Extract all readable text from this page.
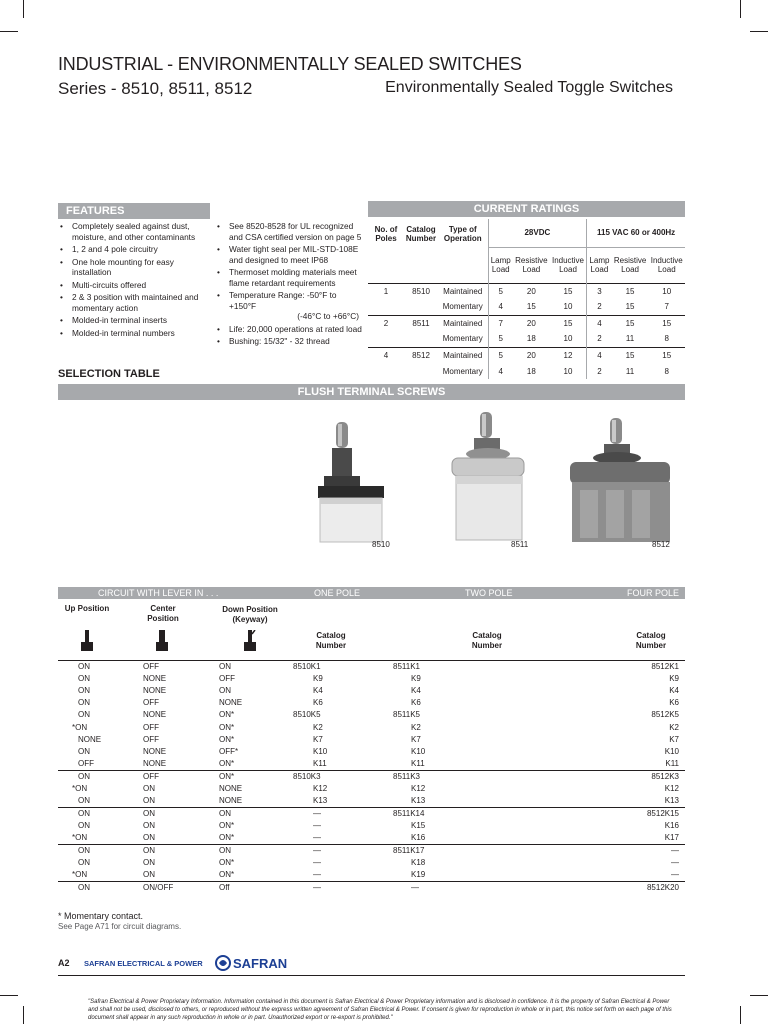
INDUSTRIAL - ENVIRONMENTALLY SEALED SWITCHES
Series - 8510, 8511, 8512	Environmentally Sealed Toggle Switches
FEATURES
• Completely sealed against dust, moisture, and other contaminants
• 1, 2 and 4 pole circuitry
• One hole mounting for easy installation
• Multi-circuits offered
• 2 & 3 position with maintained and momentary action
• Molded-in terminal inserts
• Molded-in terminal numbers
• See 8520-8528 for UL recognized and CSA certified version on page 5
• Water tight seal per MIL-STD-108E and designed to meet IP68
• Thermoset molding materials meet flame retardant requirements
• Temperature Range: -50°F to +150°F
(-46°C to +66°C)
• Life: 20,000 operations at rated load
• Bushing: 15/32" - 32 thread
CURRENT RATINGS
No. of Poles	Catalog Number	Type of Operation	28VDC			115 VAC 60 or 400Hz		
			Lamp Load	Resistive Load	Inductive Load	Lamp Load	Resistive Load	Inductive Load
1	8510	Maintained	5	20	15	3	15	10
		Momentary	4	15	10	2	15	7
2	8511	Maintained	7	20	15	4	15	15
		Momentary	5	18	10	2	11	8
4	8512	Maintained	5	20	12	4	15	15
		Momentary	4	18	10	2	11	8
SELECTION TABLE
FLUSH TERMINAL SCREWS
8510	8511	8512
CIRCUIT WITH LEVER IN . . .	ONE POLE	TWO POLE	FOUR POLE
Up Position	Center Position
Down Position (Keyway)
Catalog Number
Catalog Number
Catalog Number
ON	OFF	ON	8510K1	8511K1	8512K1
ON	NONE	OFF	K9	K9	K9
ON	NONE	ON	K4	K4	K4
ON	OFF	NONE	K6	K6	K6
ON	NONE	ON*	8510K5	8511K5	8512K5
*ON	OFF	ON*	K2	K2	K2
NONE	OFF	ON*	K7	K7	K7
ON	NONE	OFF*	K10	K10	K10
OFF	NONE	ON*	K11	K11	K11
ON	OFF	ON*	8510K3	8511K3	8512K3
*ON	ON	NONE	K12	K12	K12
ON	ON	NONE	K13	K13	K13
ON	ON	ON	—	8511K14	8512K15
ON	ON	ON*	—	K15	K16
*ON	ON	ON*	—	K16	K17
ON	ON	ON	—	8511K17	—
ON	ON	ON*	—	K18	—
*ON	ON	ON*	—	K19	—
ON	ON/OFF	Off	—	—	8512K20
* Momentary contact.
See Page A71 for circuit diagrams.
A2 SAFRAN ELECTRICAL & POWER SAFRAN
"Safran Electrical & Power Proprietary Information. Information contained in this document is Safran Electrical & Power Proprietary information and is disclosed in confidence. It is the property of Safran Electrical & Power and shall not be used, disclosed to others, or reproduced without the express written agreement of Safran Electrical & Power. If consent is given for reproduction in whole or in part, this notice set forth on each page of this document shall appear in any such reproduction in whole or in part. Unauthorized export or re-export is prohibited."
